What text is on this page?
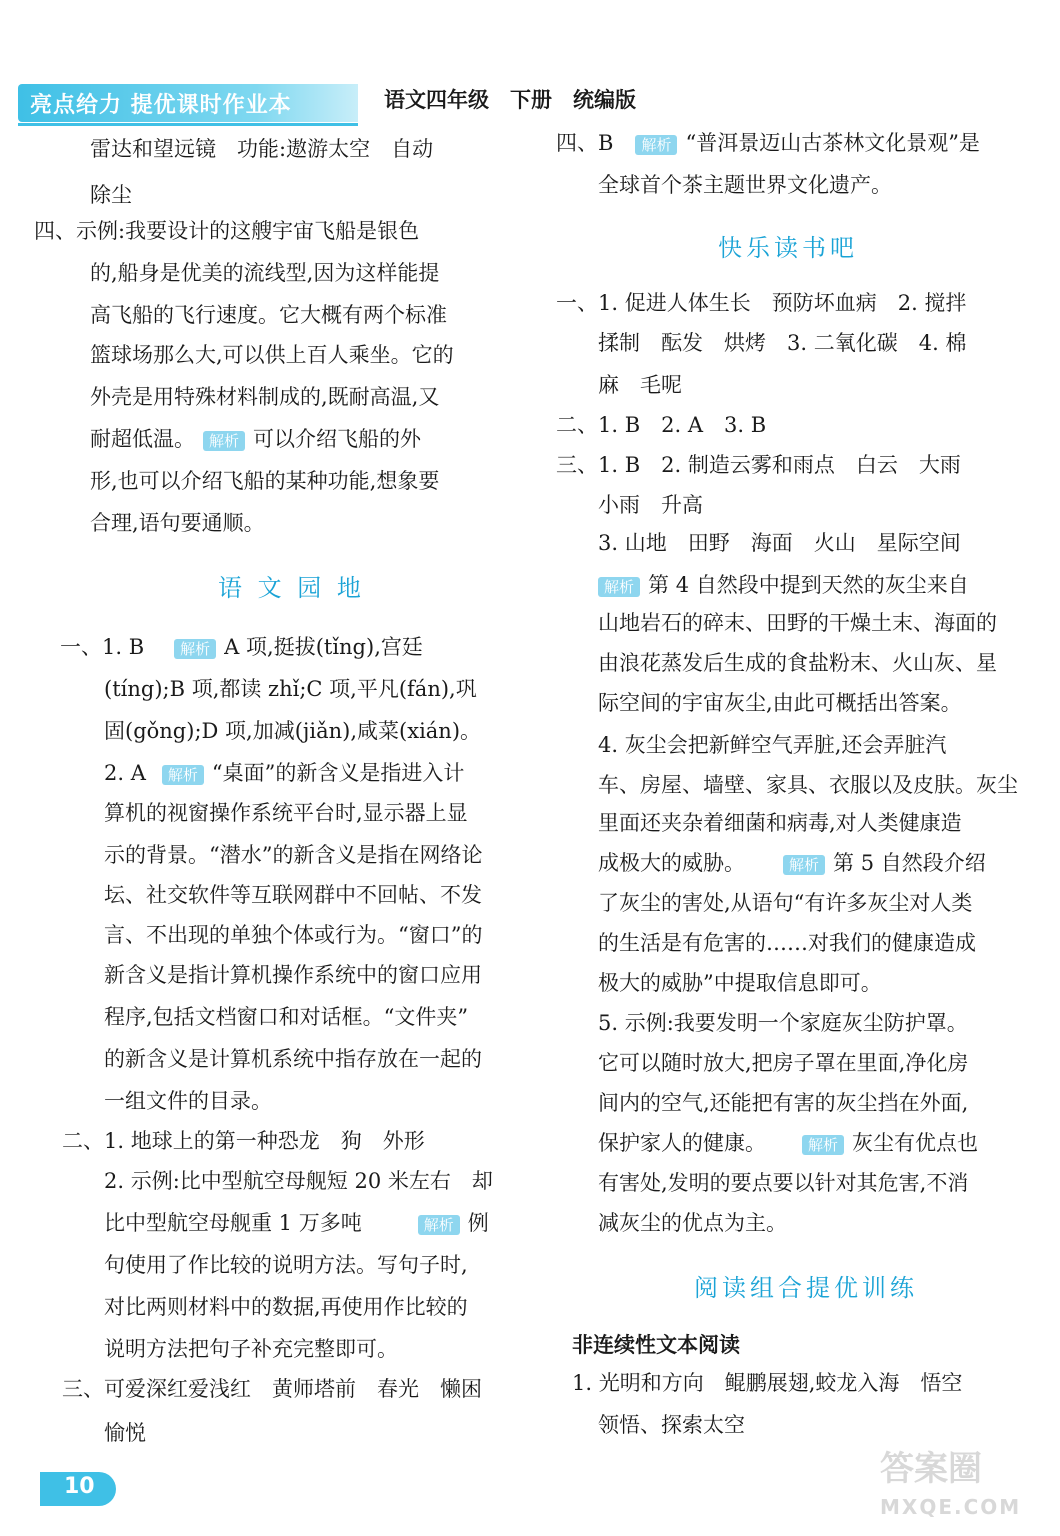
亮点给力 提优课时作业本	语文四年级　下册　统编版
雷达和望远镜　功能:遨游太空　自动
除尘
四、示例:我要设计的这艘宇宙飞船是银色
的,船身是优美的流线型,因为这样能提
高飞船的飞行速度。它大概有两个标准
篮球场那么大,可以供上百人乘坐。它的
外壳是用特殊材料制成的,既耐高温,又
耐超低温。 解析 可以介绍飞船的外
形,也可以介绍飞船的某种功能,想象要
合理,语句要通顺。
语 文 园 地
一、1. B 解析 A 项,挺拔(tǐng),宫廷
(tíng);B 项,都读 zhǐ;C 项,平凡(fán),巩
固(gǒng);D 项,加减(jiǎn),咸菜(xián)。
2. A 解析 “桌面”的新含义是指进入计
算机的视窗操作系统平台时,显示器上显
示的背景。“潜水”的新含义是指在网络论
坛、社交软件等互联网群中不回帖、不发
言、不出现的单独个体或行为。“窗口”的
新含义是指计算机操作系统中的窗口应用
程序,包括文档窗口和对话框。“文件夹”
的新含义是计算机系统中指存放在一起的
一组文件的目录。
二、1. 地球上的第一种恐龙　狗　外形
2. 示例:比中型航空母舰短 20 米左右　却
比中型航空母舰重 1 万多吨	解析 例
句使用了作比较的说明方法。写句子时,
对比两则材料中的数据,再使用作比较的
说明方法把句子补充完整即可。
三、可爱深红爱浅红　黄师塔前　春光　懒困
愉悦
四、B 解析 “普洱景迈山古茶林文化景观”是
全球首个茶主题世界文化遗产。
快乐读书吧
一、1. 促进人体生长　预防坏血病　2. 搅拌
揉制　酝发　烘烤　3. 二氧化碳　4. 棉
麻　毛呢
二、1. B　2. A　3. B
三、1. B　2. 制造云雾和雨点　白云　大雨
小雨　升高
3. 山地　田野　海面　火山　星际空间
解析 第 4 自然段中提到天然的灰尘来自
山地岩石的碎末、田野的干燥土末、海面的
由浪花蒸发后生成的食盐粉末、火山灰、星
际空间的宇宙灰尘,由此可概括出答案。
4. 灰尘会把新鲜空气弄脏,还会弄脏汽
车、房屋、墙壁、家具、衣服以及皮肤。灰尘
里面还夹杂着细菌和病毒,对人类健康造
成极大的威胁。	解析 第 5 自然段介绍
了灰尘的害处,从语句“有许多灰尘对人类
的生活是有危害的……对我们的健康造成
极大的威胁”中提取信息即可。
5. 示例:我要发明一个家庭灰尘防护罩。
它可以随时放大,把房子罩在里面,净化房
间内的空气,还能把有害的灰尘挡在外面,
保护家人的健康。	解析 灰尘有优点也
有害处,发明的要点要以针对其危害,不消
减灰尘的优点为主。
阅读组合提优训练
非连续性文本阅读
1. 光明和方向　鲲鹏展翅,蛟龙入海　悟空
领悟、探索太空
10	答案圈
MXQE.COM
